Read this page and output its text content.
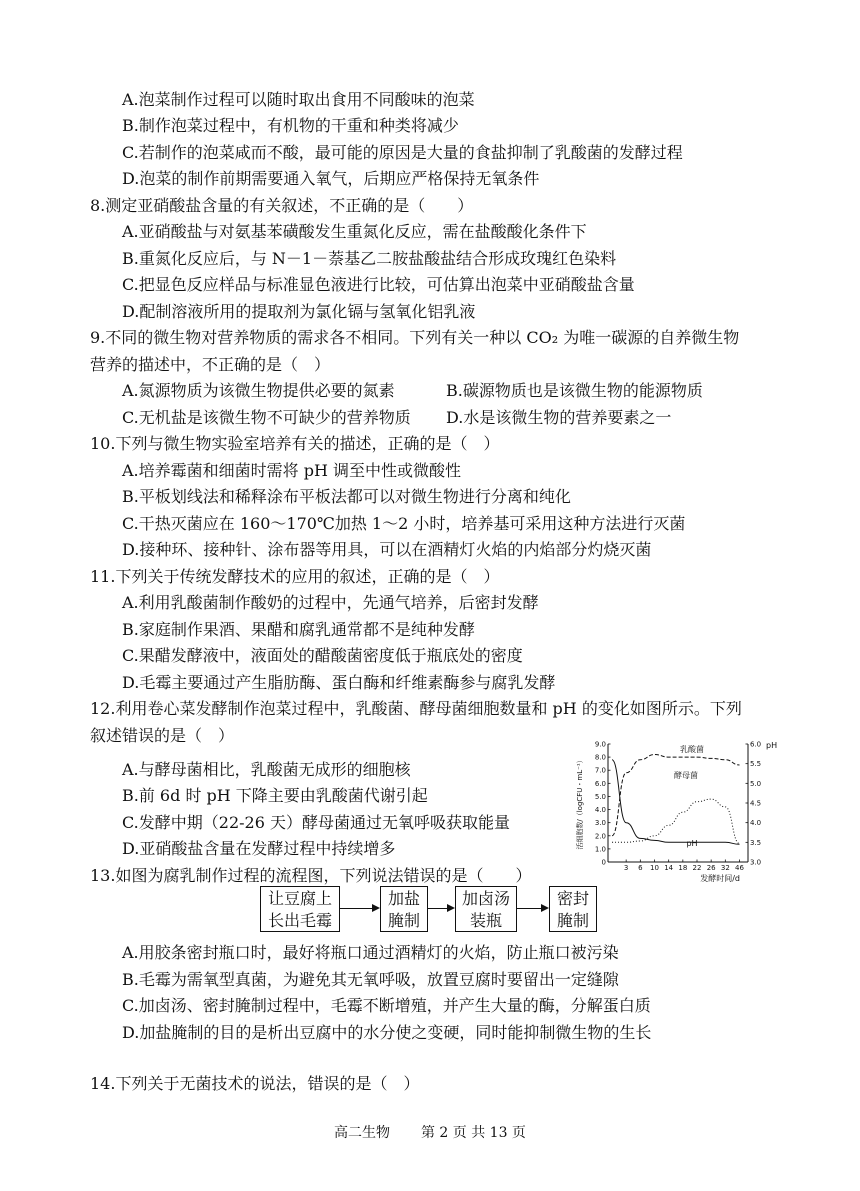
A.泡菜制作过程可以随时取出食用不同酸味的泡菜
B.制作泡菜过程中，有机物的干重和种类将减少
C.若制作的泡菜咸而不酸，最可能的原因是大量的食盐抑制了乳酸菌的发酵过程
D.泡菜的制作前期需要通入氧气，后期应严格保持无氧条件
8.测定亚硝酸盐含量的有关叙述，不正确的是（　　）
A.亚硝酸盐与对氨基苯磺酸发生重氮化反应，需在盐酸酸化条件下
B.重氮化反应后，与 N－1－萘基乙二胺盐酸盐结合形成玫瑰红色染料
C.把显色反应样品与标准显色液进行比较，可估算出泡菜中亚硝酸盐含量
D.配制溶液所用的提取剂为氯化镉与氢氧化铝乳液
9.不同的微生物对营养物质的需求各不相同。下列有关一种以 CO₂ 为唯一碳源的自养微生物
营养的描述中，不正确的是（　）
A.氮源物质为该微生物提供必要的氮素	B.碳源物质也是该微生物的能源物质
C.无机盐是该微生物不可缺少的营养物质 D.水是该微生物的营养要素之一
10.下列与微生物实验室培养有关的描述，正确的是（　）
A.培养霉菌和细菌时需将 pH 调至中性或微酸性
B.平板划线法和稀释涂布平板法都可以对微生物进行分离和纯化
C.干热灭菌应在 160～170℃加热 1～2 小时，培养基可采用这种方法进行灭菌
D.接种环、接种针、涂布器等用具，可以在酒精灯火焰的内焰部分灼烧灭菌
11.下列关于传统发酵技术的应用的叙述，正确的是（　）
A.利用乳酸菌制作酸奶的过程中，先通气培养，后密封发酵
B.家庭制作果酒、果醋和腐乳通常都不是纯种发酵
C.果醋发酵液中，液面处的醋酸菌密度低于瓶底处的密度
D.毛霉主要通过产生脂肪酶、蛋白酶和纤维素酶参与腐乳发酵
12.利用卷心菜发酵制作泡菜过程中，乳酸菌、酵母菌细胞数量和 pH 的变化如图所示。下列
叙述错误的是（　）
A.与酵母菌相比，乳酸菌无成形的细胞核
B.前 6d 时 pH 下降主要由乳酸菌代谢引起
C.发酵中期（22-26 天）酵母菌通过无氧呼吸获取能量
D.亚硝酸盐含量在发酵过程中持续增多
0
1.0
2.0
3.0
4.0
5.0
6.0
7.0
8.0
9.0
3.0
3.5
4.0
4.5
5.0
5.5
6.0
3 6 10 14 18 22 26 32 46
发酵时间/d
pH
活细胞数/（logCFU・mL⁻¹）
乳酸菌
酵母菌
pH
13.如图为腐乳制作过程的流程图，下列说法错误的是（　　）
让豆腐上
长出毛霉
加盐
腌制
加卤汤
装瓶
密封
腌制
A.用胶条密封瓶口时，最好将瓶口通过酒精灯的火焰，防止瓶口被污染
B.毛霉为需氧型真菌，为避免其无氧呼吸，放置豆腐时要留出一定缝隙
C.加卤汤、密封腌制过程中，毛霉不断增殖，并产生大量的酶，分解蛋白质
D.加盐腌制的目的是析出豆腐中的水分使之变硬，同时能抑制微生物的生长
14.下列关于无菌技术的说法，错误的是（　）
高二生物 第 2 页 共 13 页
